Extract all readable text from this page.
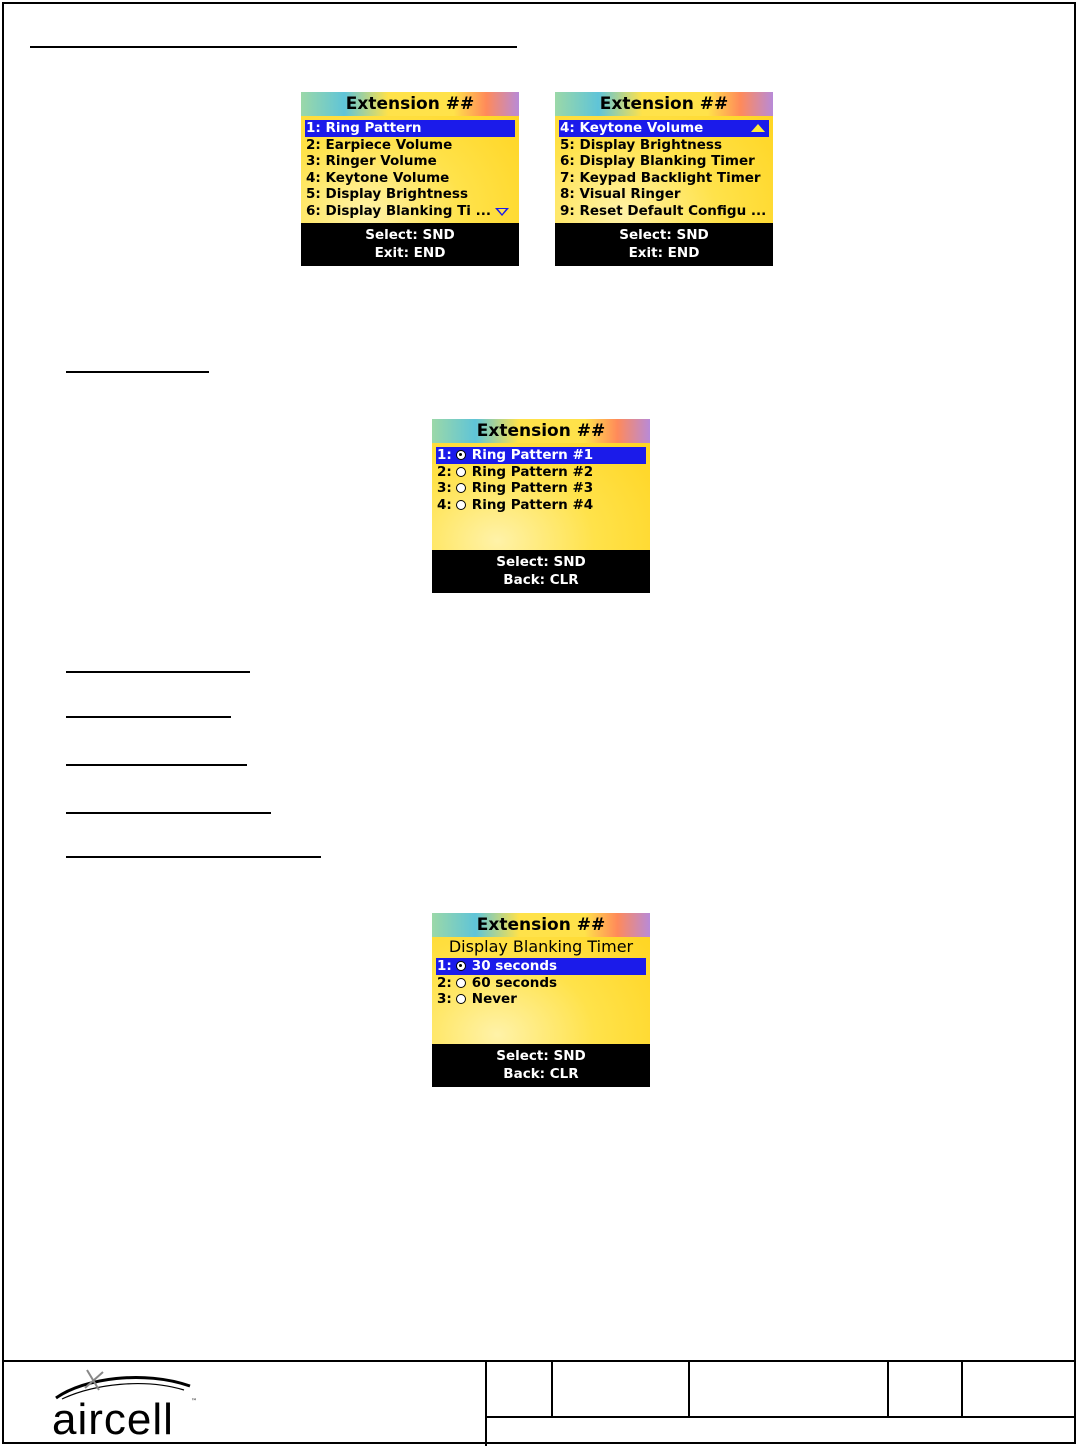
Extension ##
1: Ring Pattern
2: Earpiece Volume
3: Ringer Volume
4: Keytone Volume
5: Display Brightness
6: Display Blanking Ti ...
Select: SND
Exit: END
Extension ##
4: Keytone Volume
5: Display Brightness
6: Display Blanking Timer
7: Keypad Backlight Timer
8: Visual Ringer
9: Reset Default Configu ...
Select: SND
Exit: END
Extension ##
1: Ring Pattern #1
2: Ring Pattern #2
3: Ring Pattern #3
4: Ring Pattern #4
Select: SND
Back: CLR
Extension ##
Display Blanking Timer
1: 30 seconds
2: 60 seconds
3: Never
Select: SND
Back: CLR
aircell	™
